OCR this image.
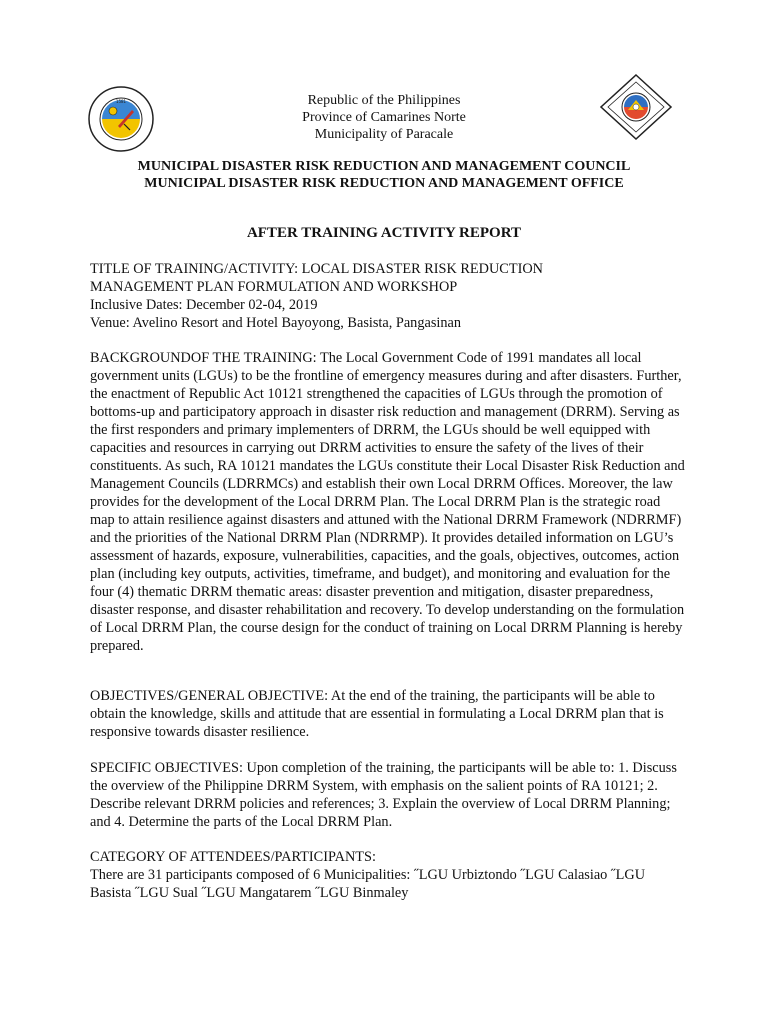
1581	Republic of the Philippines
Province of Camarines Norte
Municipality of Paracale
MUNICIPAL DISASTER RISK REDUCTION AND MANAGEMENT COUNCIL
MUNICIPAL DISASTER RISK REDUCTION AND MANAGEMENT OFFICE
AFTER TRAINING ACTIVITY REPORT
TITLE OF TRAINING/ACTIVITY: LOCAL DISASTER RISK REDUCTION
MANAGEMENT PLAN FORMULATION AND WORKSHOP
Inclusive Dates: December 02-04, 2019
Venue: Avelino Resort and Hotel Bayoyong, Basista, Pangasinan

BACKGROUNDOF THE TRAINING: The Local Government Code of 1991 mandates all local government units (LGUs) to be the frontline of emergency measures during and after disasters. Further, the enactment of Republic Act 10121 strengthened the capacities of LGUs through the promotion of bottoms-up and participatory approach in disaster risk reduction and management (DRRM). Serving as the first responders and primary implementers of DRRM, the LGUs should be well equipped with capacities and resources in carrying out DRRM activities to ensure the safety of the lives of their constituents. As such, RA 10121 mandates the LGUs constitute their Local Disaster Risk Reduction and Management Councils (LDRRMCs) and establish their own Local DRRM Offices. Moreover, the law provides for the development of the Local DRRM Plan. The Local DRRM Plan is the strategic road map to attain resilience against disasters and attuned with the National DRRM Framework (NDRRMF) and the priorities of the National DRRM Plan (NDRRMP). It provides detailed information on LGU’s assessment of hazards, exposure, vulnerabilities, capacities, and the goals, objectives, outcomes, action plan (including key outputs, activities, timeframe, and budget), and monitoring and evaluation for the four (4) thematic DRRM thematic areas: disaster prevention and mitigation, disaster preparedness, disaster response, and disaster rehabilitation and recovery. To develop understanding on the formulation of Local DRRM Plan, the course design for the conduct of training on Local DRRM Planning is hereby prepared.

OBJECTIVES/GENERAL OBJECTIVE: At the end of the training, the participants will be able to obtain the knowledge, skills and attitude that are essential in formulating a Local DRRM plan that is responsive towards disaster resilience.

SPECIFIC OBJECTIVES: Upon completion of the training, the participants will be able to: 1. Discuss the overview of the Philippine DRRM System, with emphasis on the salient points of RA 10121; 2. Describe relevant DRRM policies and references; 3. Explain the overview of Local DRRM Planning; and 4. Determine the parts of the Local DRRM Plan.

CATEGORY OF ATTENDEES/PARTICIPANTS:
There are 31 participants composed of 6 Municipalities: ˝LGU Urbiztondo ˝LGU Calasiao ˝LGU Basista ˝LGU Sual ˝LGU Mangatarem ˝LGU Binmaley
